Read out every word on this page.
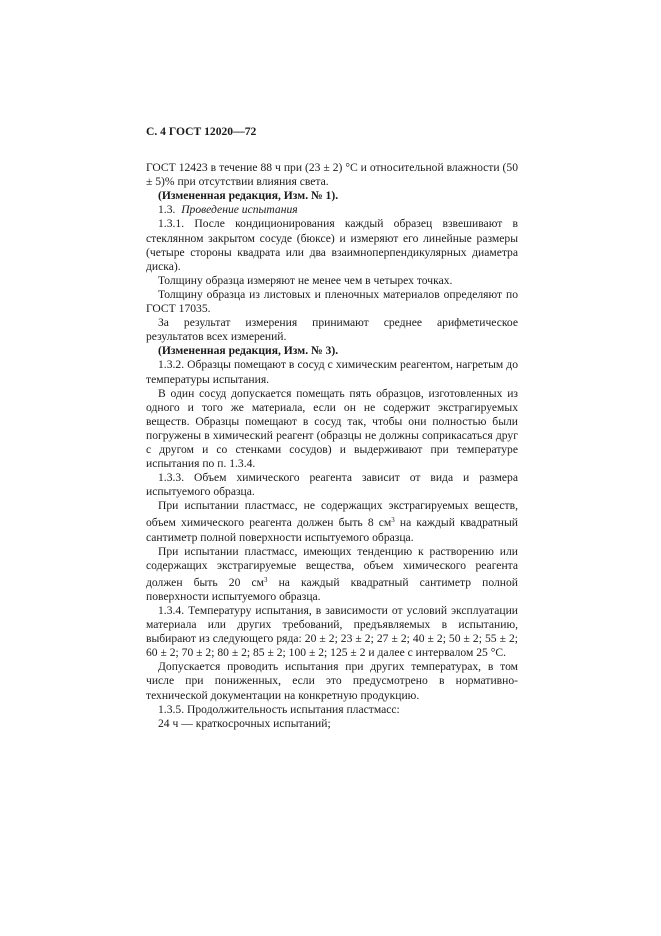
С. 4 ГОСТ 12020—72

ГОСТ 12423 в течение 88 ч при (23 ± 2) °С и относительной влажности (50 ± 5)% при отсутствии влияния света.

(Измененная редакция, Изм. № 1).

1.3. Проведение испытания

1.3.1. После кондиционирования каждый образец взвешивают в стеклянном закрытом сосуде (бюксе) и измеряют его линейные размеры (четыре стороны квадрата или два взаимноперпендикулярных диаметра диска).

Толщину образца измеряют не менее чем в четырех точках.

Толщину образца из листовых и пленочных материалов определяют по ГОСТ 17035.

За результат измерения принимают среднее арифметическое результатов всех измерений.

(Измененная редакция, Изм. № 3).

1.3.2. Образцы помещают в сосуд с химическим реагентом, нагретым до температуры испытания.

В один сосуд допускается помещать пять образцов, изготовленных из одного и того же материала, если он не содержит экстрагируемых веществ. Образцы помещают в сосуд так, чтобы они полностью были погружены в химический реагент (образцы не должны соприкасаться друг с другом и со стенками сосудов) и выдерживают при температуре испытания по п. 1.3.4.

1.3.3. Объем химического реагента зависит от вида и размера испытуемого образца.

При испытании пластмасс, не содержащих экстрагируемых веществ, объем химического реагента должен быть 8 $см^3$ на каждый квадратный сантиметр полной поверхности испытуемого образца.

При испытании пластмасс, имеющих тенденцию к растворению или содержащих экстрагируемые вещества, объем химического реагента должен быть 20 $см^3$ на каждый квадратный сантиметр полной поверхности испытуемого образца.

1.3.4. Температуру испытания, в зависимости от условий эксплуатации материала или других требований, предъявляемых в испытанию, выбирают из следующего ряда: 20 ± 2; 23 ± 2; 27 ± 2; 40 ± 2; 50 ± 2; 55 ± 2; 60 ± 2; 70 ± 2; 80 ± 2; 85 ± 2; 100 ± 2; 125 ± 2 и далее с интервалом 25 °С.

Допускается проводить испытания при других температурах, в том числе при пониженных, если это предусмотрено в нормативно-технической документации на конкретную продукцию.

1.3.5. Продолжительность испытания пластмасс:

24 ч — краткосрочных испытаний;
